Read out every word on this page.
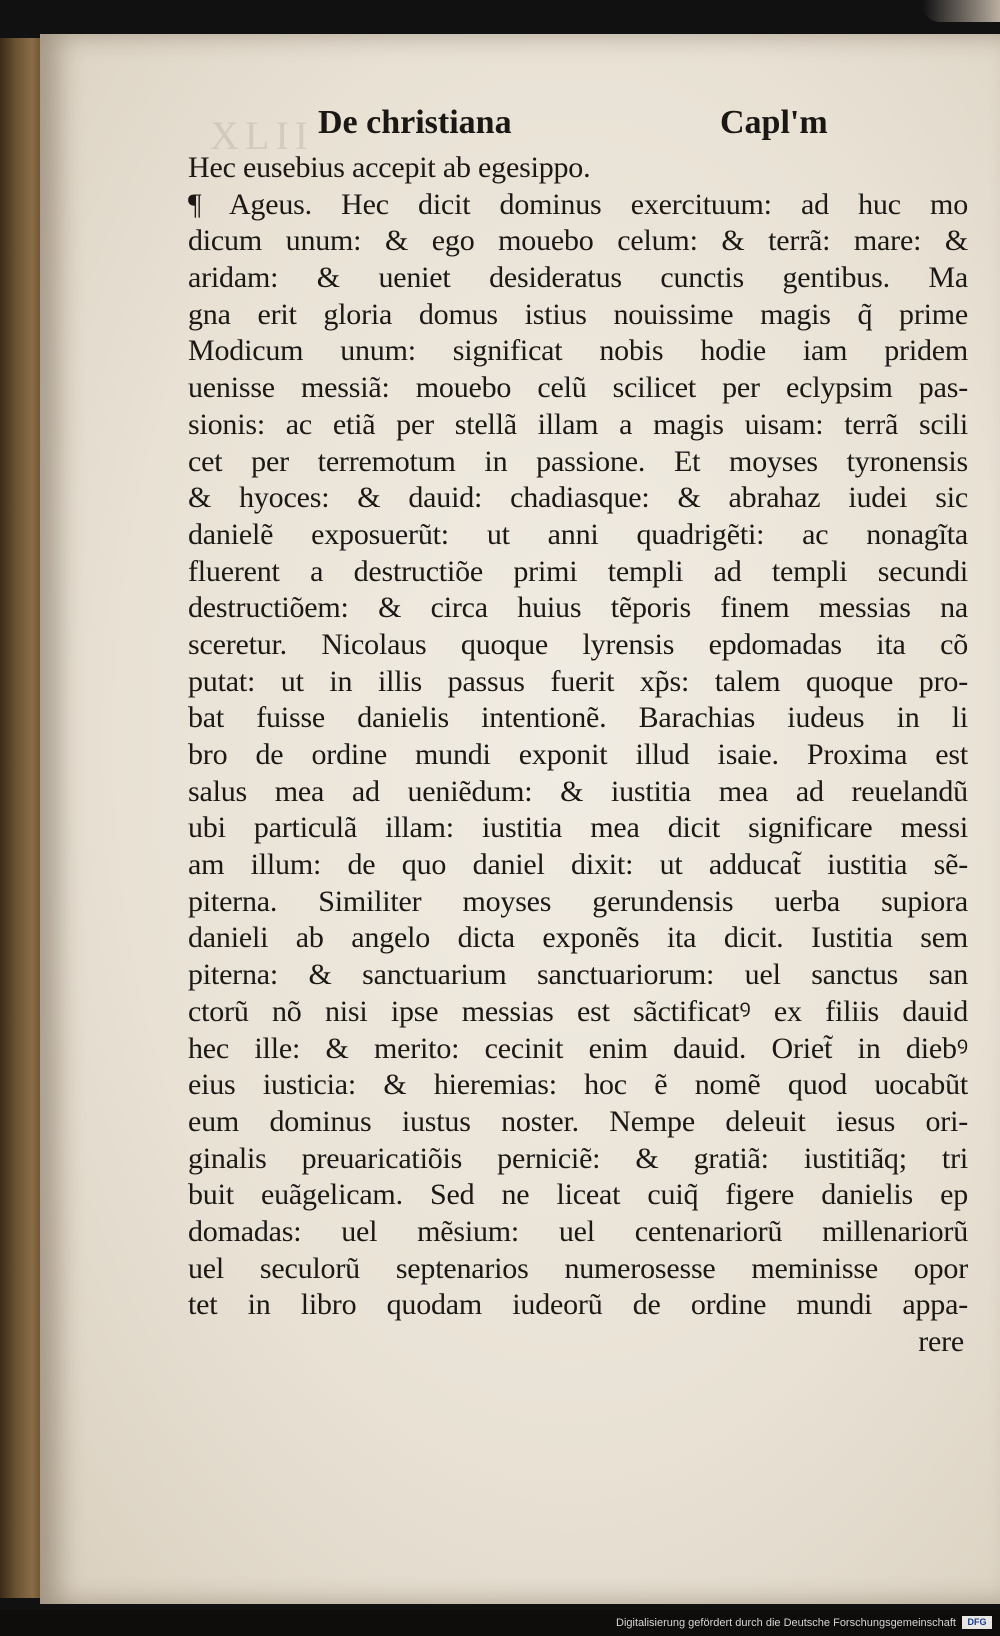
XLII De christiana	Capl'm
Hec eusebius accepit ab egesippo.
¶ Ageus. Hec dicit dominus exercituum: ad huc mo
dicum unum: & ego mouebo celum: & terrã: mare: &
aridam: & ueniet desideratus cunctis gentibus. Ma
gna erit gloria domus istius nouissime magis q̃ prime
Modicum unum: significat nobis hodie iam pridem
uenisse messiã: mouebo celũ scilicet per eclypsim pas-
sionis: ac etiã per stellã illam a magis uisam: terrã scili
cet per terremotum in passione. Et moyses tyronensis
& hyoces: & dauid: chadiasque: & abrahaz iudei sic
danielẽ exposuerũt: ut anni quadrigẽti: ac nonagĩta
fluerent a destructiõe primi templi ad templi secundi
destructiõem: & circa huius tẽporis finem messias na
sceretur. Nicolaus quoque lyrensis epdomadas ita cõ
putat: ut in illis passus fuerit xp̃s: talem quoque pro-
bat fuisse danielis intentionẽ. Barachias iudeus in li
bro de ordine mundi exponit illud isaie. Proxima est
salus mea ad ueniẽdum: & iustitia mea ad reuelandũ
ubi particulã illam: iustitia mea dicit significare messi
am illum: de quo daniel dixit: ut adducat̃ iustitia sẽ-
piterna. Similiter moyses gerundensis uerba supiora
danieli ab angelo dicta exponẽs ita dicit. Iustitia sem
piterna: & sanctuarium sanctuariorum: uel sanctus san
ctorũ nõ nisi ipse messias est sãctificatꝰ ex filiis dauid
hec ille: & merito: cecinit enim dauid. Oriet̃ in diebꝰ
eius iusticia: & hieremias: hoc ẽ nomẽ quod uocabũt
eum dominus iustus noster. Nempe deleuit iesus ori-
ginalis preuaricatiõis perniciẽ: & gratiã: iustitiãq; tri
buit euãgelicam. Sed ne liceat cuiq̃ figere danielis ep
domadas: uel mẽsium: uel centenariorũ millenariorũ
uel seculorũ septenarios numerosesse meminisse opor
tet in libro quodam iudeorũ de ordine mundi appa-
rere
Digitalisierung gefördert durch die Deutsche Forschungsgemeinschaft	DFG
